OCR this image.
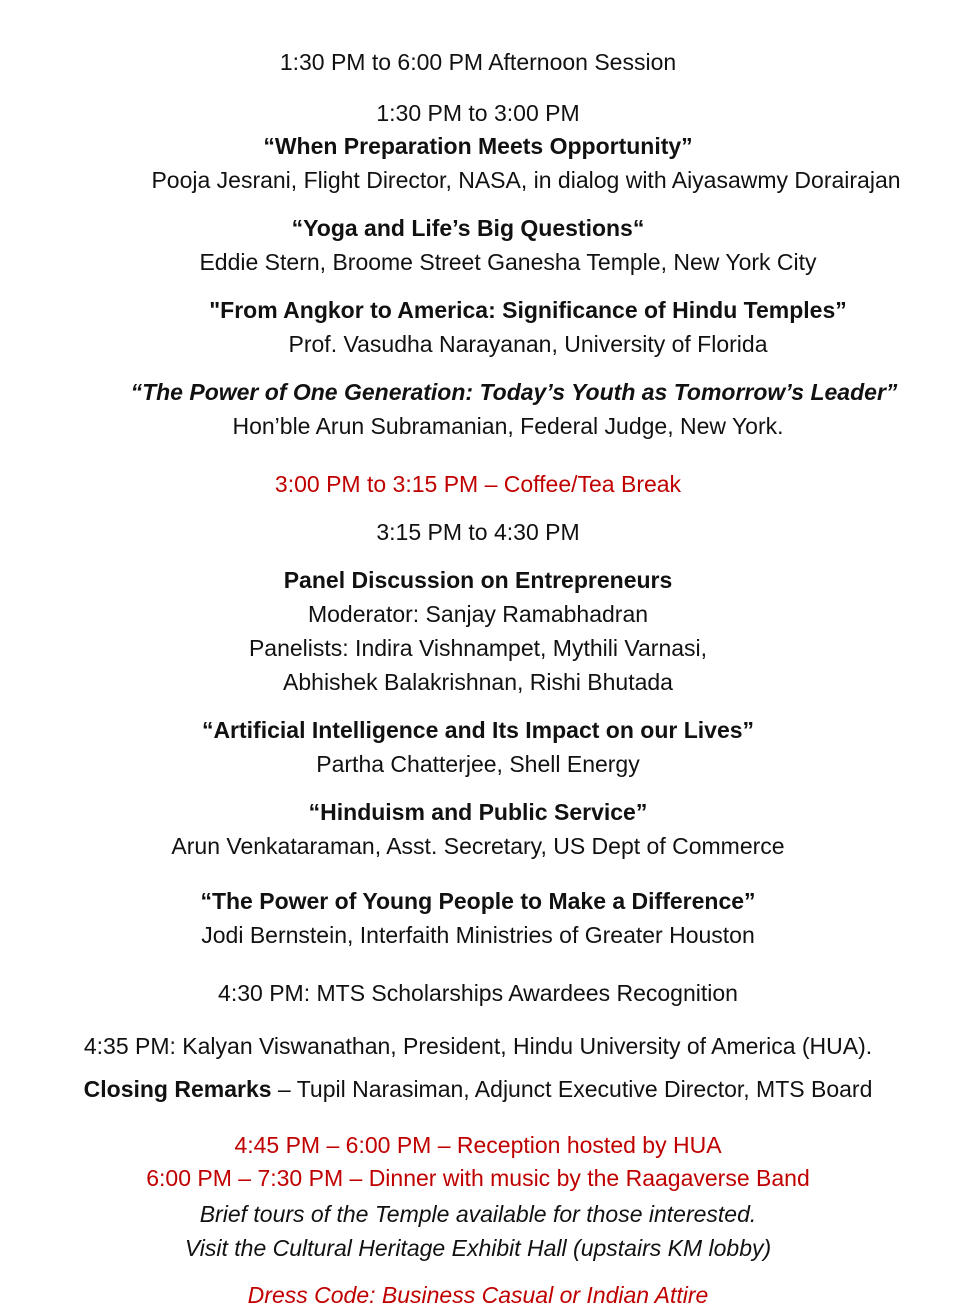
1:30 PM to 6:00 PM Afternoon Session
1:30 PM to 3:00 PM
“When Preparation Meets Opportunity”
Pooja Jesrani, Flight Director, NASA, in dialog with Aiyasawmy Dorairajan
“Yoga and Life’s Big Questions“
Eddie Stern, Broome Street Ganesha Temple, New York City
"From Angkor to America: Significance of Hindu Temples”
Prof. Vasudha Narayanan, University of Florida
“The Power of One Generation: Today’s Youth as Tomorrow’s Leader”
Hon’ble Arun Subramanian, Federal Judge, New York.
3:00 PM to 3:15 PM – Coffee/Tea Break
3:15 PM to 4:30 PM
Panel Discussion on Entrepreneurs
Moderator: Sanjay Ramabhadran
Panelists: Indira Vishnampet, Mythili Varnasi,
Abhishek Balakrishnan, Rishi Bhutada
“Artificial Intelligence and Its Impact on our Lives”
Partha Chatterjee, Shell Energy
“Hinduism and Public Service”
Arun Venkataraman, Asst. Secretary, US Dept of Commerce
“The Power of Young People to Make a Difference”
Jodi Bernstein, Interfaith Ministries of Greater Houston
4:30 PM: MTS Scholarships Awardees Recognition
4:35 PM: Kalyan Viswanathan, President, Hindu University of America (HUA).
Closing Remarks – Tupil Narasiman, Adjunct Executive Director, MTS Board
4:45 PM – 6:00 PM – Reception hosted by HUA
6:00 PM – 7:30 PM – Dinner with music by the Raagaverse Band
Brief tours of the Temple available for those interested.
Visit the Cultural Heritage Exhibit Hall (upstairs KM lobby)
Dress Code: Business Casual or Indian Attire
